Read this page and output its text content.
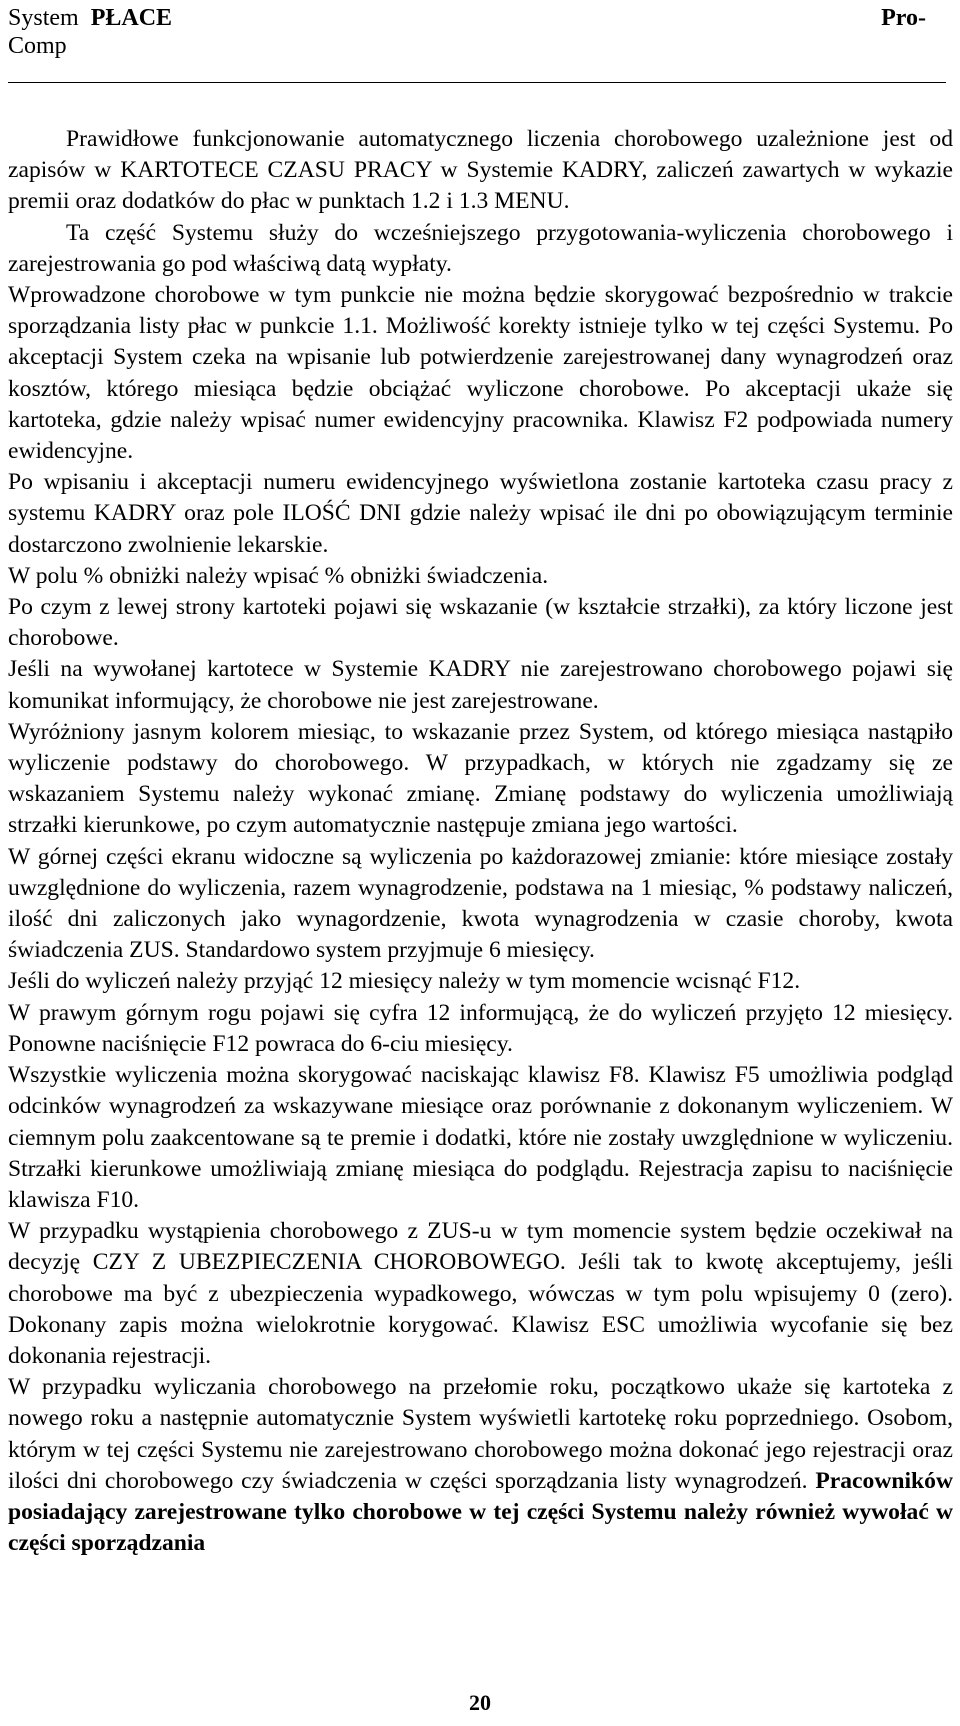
System PŁACE	Pro-
Comp

Prawidłowe funkcjonowanie automatycznego liczenia chorobowego uzależnione jest od zapisów w KARTOTECE CZASU PRACY w Systemie KADRY, zaliczeń zawartych w wykazie premii oraz dodatków do płac w punktach 1.2 i 1.3 MENU.

Ta część Systemu służy do wcześniejszego przygotowania-wyliczenia chorobowego i zarejestrowania go pod właściwą datą wypłaty.

Wprowadzone chorobowe w tym punkcie nie można będzie skorygować bezpośrednio w trakcie sporządzania listy płac w punkcie 1.1. Możliwość korekty istnieje tylko w tej części Systemu. Po akceptacji System czeka na wpisanie lub potwierdzenie zarejestrowanej dany wynagrodzeń oraz kosztów, którego miesiąca będzie obciążać wyliczone chorobowe. Po akceptacji ukaże się kartoteka, gdzie należy wpisać numer ewidencyjny pracownika. Klawisz F2 podpowiada numery ewidencyjne.

Po wpisaniu i akceptacji numeru ewidencyjnego wyświetlona zostanie kartoteka czasu pracy z systemu KADRY oraz pole ILOŚĆ DNI gdzie należy wpisać ile dni po obowiązującym terminie dostarczono zwolnienie lekarskie.

W polu % obniżki należy wpisać % obniżki świadczenia.

Po czym z lewej strony kartoteki pojawi się wskazanie (w kształcie strzałki), za który liczone jest chorobowe.

Jeśli na wywołanej kartotece w Systemie KADRY nie zarejestrowano chorobowego pojawi się komunikat informujący, że chorobowe nie jest zarejestrowane.

Wyróżniony jasnym kolorem miesiąc, to wskazanie przez System, od którego miesiąca nastąpiło wyliczenie podstawy do chorobowego. W przypadkach, w których nie zgadzamy się ze wskazaniem Systemu należy wykonać zmianę. Zmianę podstawy do wyliczenia umożliwiają strzałki kierunkowe, po czym automatycznie następuje zmiana jego wartości.

W górnej części ekranu widoczne są wyliczenia po każdorazowej zmianie: które miesiące zostały uwzględnione do wyliczenia, razem wynagrodzenie, podstawa na 1 miesiąc, % podstawy naliczeń, ilość dni zaliczonych jako wynagordzenie, kwota wynagrodzenia w czasie choroby, kwota świadczenia ZUS. Standardowo system przyjmuje 6 miesięcy.

Jeśli do wyliczeń należy przyjąć 12 miesięcy należy w tym momencie wcisnąć F12.

W prawym górnym rogu pojawi się cyfra 12 informującą, że do wyliczeń przyjęto 12 miesięcy. Ponowne naciśnięcie F12 powraca do 6-ciu miesięcy.

Wszystkie wyliczenia można skorygować naciskając klawisz F8. Klawisz F5 umożliwia podgląd odcinków wynagrodzeń za wskazywane miesiące oraz porównanie z dokonanym wyliczeniem. W ciemnym polu zaakcentowane są te premie i dodatki, które nie zostały uwzględnione w wyliczeniu. Strzałki kierunkowe umożliwiają zmianę miesiąca do podglądu. Rejestracja zapisu to naciśnięcie klawisza F10.

W przypadku wystąpienia chorobowego z ZUS-u w tym momencie system będzie oczekiwał na decyzję CZY Z UBEZPIECZENIA CHOROBOWEGO. Jeśli tak to kwotę akceptujemy, jeśli chorobowe ma być z ubezpieczenia wypadkowego, wówczas w tym polu wpisujemy 0 (zero). Dokonany zapis można wielokrotnie korygować. Klawisz ESC umożliwia wycofanie się bez dokonania rejestracji.

W przypadku wyliczania chorobowego na przełomie roku, początkowo ukaże się kartoteka z nowego roku a następnie automatycznie System wyświetli kartotekę roku poprzedniego. Osobom, którym w tej części Systemu nie zarejestrowano chorobowego można dokonać jego rejestracji oraz ilości dni chorobowego czy świadczenia w części sporządzania listy wynagrodzeń. Pracowników posiadający zarejestrowane tylko chorobowe w tej części Systemu należy również wywołać w części sporządzania

20
